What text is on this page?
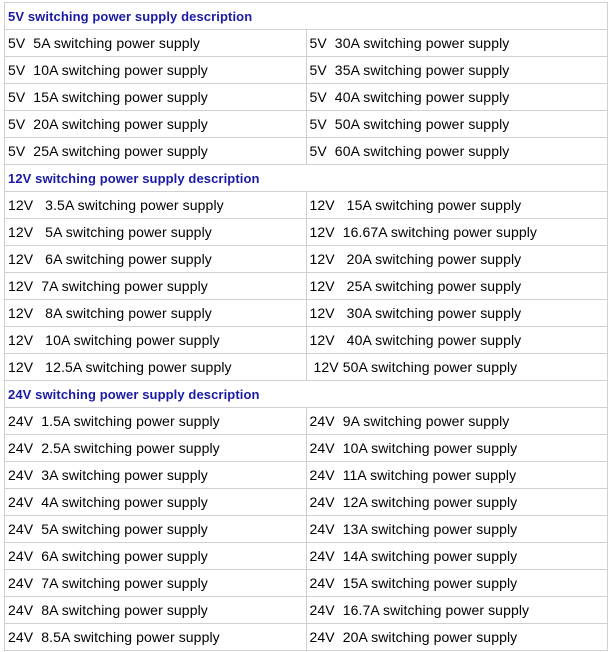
5V switching power supply description	
5V  5A switching power supply	5V  30A switching power supply
5V  10A switching power supply	5V  35A switching power supply
5V  15A switching power supply	5V  40A switching power supply
5V  20A switching power supply	5V  50A switching power supply
5V  25A switching power supply	5V  60A switching power supply
12V switching power supply description	
12V   3.5A switching power supply	12V   15A switching power supply
12V   5A switching power supply	12V  16.67A switching power supply
12V   6A switching power supply	12V   20A switching power supply
12V  7A switching power supply	12V   25A switching power supply
12V   8A switching power supply	12V   30A switching power supply
12V   10A switching power supply	12V   40A switching power supply
12V   12.5A switching power supply	12V 50A switching power supply
24V switching power supply description	
24V  1.5A switching power supply	24V  9A switching power supply
24V  2.5A switching power supply	24V  10A switching power supply
24V  3A switching power supply	24V  11A switching power supply
24V  4A switching power supply	24V  12A switching power supply
24V  5A switching power supply	24V  13A switching power supply
24V  6A switching power supply	24V  14A switching power supply
24V  7A switching power supply	24V  15A switching power supply
24V  8A switching power supply	24V  16.7A switching power supply
24V  8.5A switching power supply	24V  20A switching power supply
